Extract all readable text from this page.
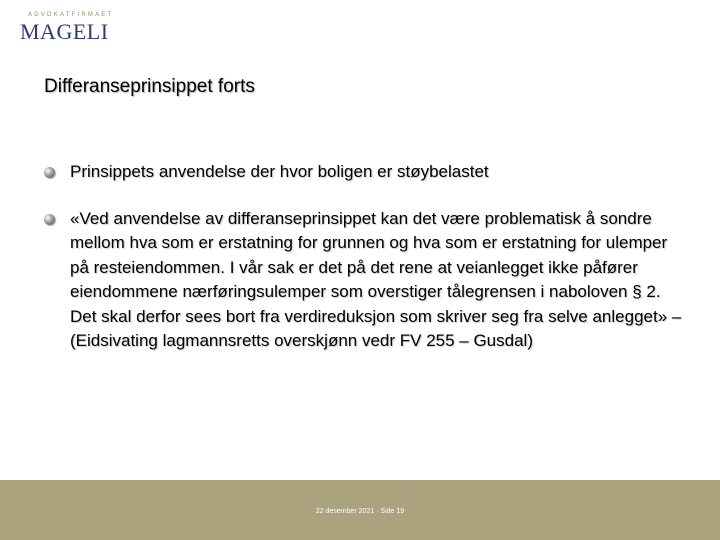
ADVOKATFIRMAET
MAGELI
Differanseprinsippet forts
Prinsippets anvendelse der hvor boligen er støybelastet
«Ved anvendelse av differanseprinsippet kan det være problematisk å sondre mellom hva som er erstatning for grunnen og hva som er erstatning for ulemper på resteiendommen. I vår sak er det på det rene at veianlegget ikke påfører eiendommene nærføringsulemper som overstiger tålegrensen i naboloven § 2. Det skal derfor sees bort fra verdireduksjon som skriver seg fra selve anlegget» – (Eidsivating lagmannsretts overskjønn vedr FV 255 – Gusdal)
22 desember 2021 · Side 19
